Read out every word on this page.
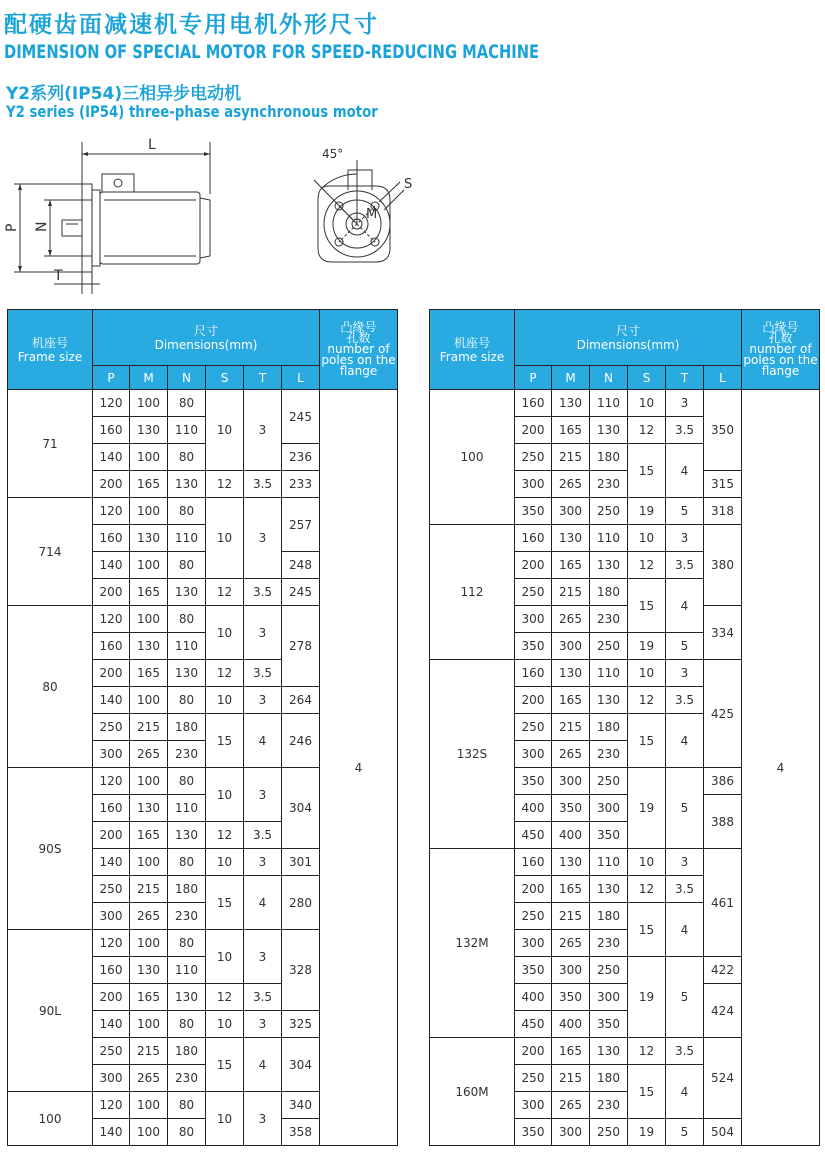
配硬齿面减速机专用电机外形尺寸
DIMENSION OF SPECIAL MOTOR FOR SPEED-REDUCING MACHINE
Y2系列(IP54)三相异步电动机
Y2 series (IP54) three-phase asynchronous motor
L
P N
T
45°
S
M
机座号
Frame size	尺寸
Dimensions(mm)						凸缘号
孔数
number of
poles on the
flange
	P	M	N	S	T	L	
71	120	100	80	10	3	245	4
	160	130	110				
	140	100	80			236	
	200	165	130	12	3.5	233	
714	120	100	80	10	3	257	
	160	130	110				
	140	100	80			248	
	200	165	130	12	3.5	245	
80	120	100	80	10	3	278	
	160	130	110				
	200	165	130	12	3.5		
	140	100	80	10	3	264	
	250	215	180	15	4	246	
	300	265	230				
90S	120	100	80	10	3	304	
	160	130	110				
	200	165	130	12	3.5		
	140	100	80	10	3	301	
	250	215	180	15	4	280	
	300	265	230				
90L	120	100	80	10	3	328	
	160	130	110				
	200	165	130	12	3.5		
	140	100	80	10	3	325	
	250	215	180	15	4	304	
	300	265	230				
100	120	100	80	10	3	340	
	140	100	80			358	
机座号
Frame size	尺寸
Dimensions(mm)						凸缘号
孔数
number of
poles on the
flange
	P	M	N	S	T	L	
100	160	130	110	10	3	350	4
	200	165	130	12	3.5		
	250	215	180	15	4		
	300	265	230			315	
	350	300	250	19	5	318	
112	160	130	110	10	3	380	
	200	165	130	12	3.5		
	250	215	180	15	4		
	300	265	230			334	
	350	300	250	19	5		
132S	160	130	110	10	3	425	
	200	165	130	12	3.5		
	250	215	180	15	4		
	300	265	230				
	350	300	250	19	5	386	
	400	350	300			388	
	450	400	350				
132M	160	130	110	10	3	461	
	200	165	130	12	3.5		
	250	215	180	15	4		
	300	265	230				
	350	300	250	19	5	422	
	400	350	300			424	
	450	400	350				
160M	200	165	130	12	3.5	524	
	250	215	180	15	4		
	300	265	230				
	350	300	250	19	5	504	
